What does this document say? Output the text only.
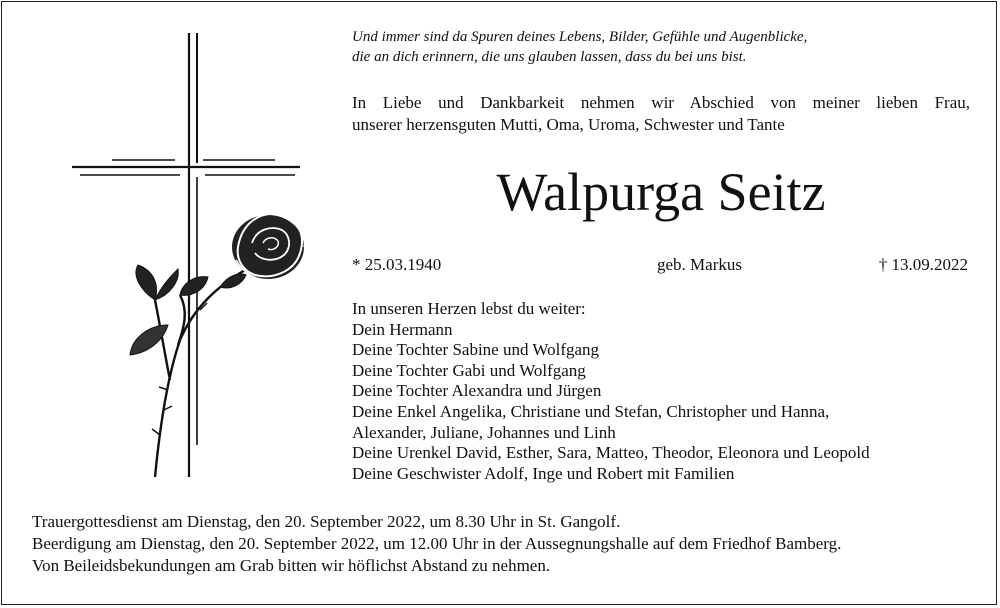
Und immer sind da Spuren deines Lebens, Bilder, Gefühle und Augenblicke,
die an dich erinnern, die uns glauben lassen, dass du bei uns bist.
In Liebe und Dankbarkeit nehmen wir Abschied von meiner lieben Frau,
unserer herzensguten Mutti, Oma, Uroma, Schwester und Tante
Walpurga Seitz
* 25.03.1940	geb. Markus	† 13.09.2022
In unseren Herzen lebst du weiter:
Dein Hermann
Deine Tochter Sabine und Wolfgang
Deine Tochter Gabi und Wolfgang
Deine Tochter Alexandra und Jürgen
Deine Enkel Angelika, Christiane und Stefan, Christopher und Hanna,
Alexander, Juliane, Johannes und Linh
Deine Urenkel David, Esther, Sara, Matteo, Theodor, Eleonora und Leopold
Deine Geschwister Adolf, Inge und Robert mit Familien
Trauergottesdienst am Dienstag, den 20. September 2022, um 8.30 Uhr in St. Gangolf.
Beerdigung am Dienstag, den 20. September 2022, um 12.00 Uhr in der Aussegnungshalle auf dem Friedhof Bamberg.
Von Beileidsbekundungen am Grab bitten wir höflichst Abstand zu nehmen.
